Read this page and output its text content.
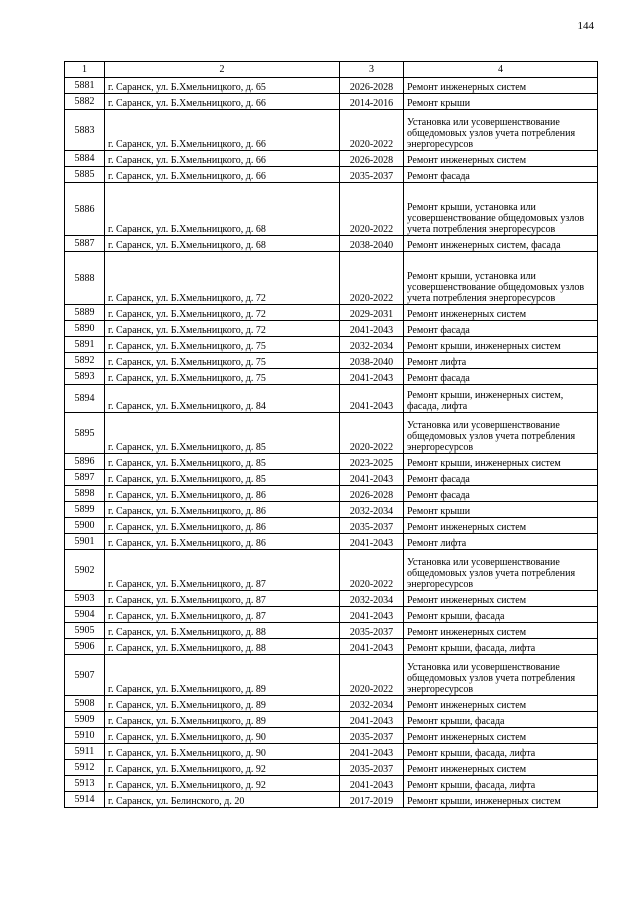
144
1	2	3	4
5881	г. Саранск, ул. Б.Хмельницкого, д. 65	2026-2028	Ремонт инженерных систем
5882	г. Саранск, ул. Б.Хмельницкого, д. 66	2014-2016	Ремонт крыши
5883	г. Саранск, ул. Б.Хмельницкого, д. 66	2020-2022	Установка или усовершенствование общедомовых узлов учета потребления энергоресурсов
5884	г. Саранск, ул. Б.Хмельницкого, д. 66	2026-2028	Ремонт инженерных систем
5885	г. Саранск, ул. Б.Хмельницкого, д. 66	2035-2037	Ремонт фасада
5886	г. Саранск, ул. Б.Хмельницкого, д. 68	2020-2022	Ремонт крыши, установка или усовершенствование общедомовых узлов учета потребления энергоресурсов
5887	г. Саранск, ул. Б.Хмельницкого, д. 68	2038-2040	Ремонт инженерных систем, фасада
5888	г. Саранск, ул. Б.Хмельницкого, д. 72	2020-2022	Ремонт крыши, установка или усовершенствование общедомовых узлов учета потребления энергоресурсов
5889	г. Саранск, ул. Б.Хмельницкого, д. 72	2029-2031	Ремонт инженерных систем
5890	г. Саранск, ул. Б.Хмельницкого, д. 72	2041-2043	Ремонт фасада
5891	г. Саранск, ул. Б.Хмельницкого, д. 75	2032-2034	Ремонт крыши, инженерных систем
5892	г. Саранск, ул. Б.Хмельницкого, д. 75	2038-2040	Ремонт лифта
5893	г. Саранск, ул. Б.Хмельницкого, д. 75	2041-2043	Ремонт фасада
5894	г. Саранск, ул. Б.Хмельницкого, д. 84	2041-2043	Ремонт крыши, инженерных систем, фасада, лифта
5895	г. Саранск, ул. Б.Хмельницкого, д. 85	2020-2022	Установка или усовершенствование общедомовых узлов учета потребления энергоресурсов
5896	г. Саранск, ул. Б.Хмельницкого, д. 85	2023-2025	Ремонт крыши, инженерных систем
5897	г. Саранск, ул. Б.Хмельницкого, д. 85	2041-2043	Ремонт фасада
5898	г. Саранск, ул. Б.Хмельницкого, д. 86	2026-2028	Ремонт фасада
5899	г. Саранск, ул. Б.Хмельницкого, д. 86	2032-2034	Ремонт крыши
5900	г. Саранск, ул. Б.Хмельницкого, д. 86	2035-2037	Ремонт инженерных систем
5901	г. Саранск, ул. Б.Хмельницкого, д. 86	2041-2043	Ремонт лифта
5902	г. Саранск, ул. Б.Хмельницкого, д. 87	2020-2022	Установка или усовершенствование общедомовых узлов учета потребления энергоресурсов
5903	г. Саранск, ул. Б.Хмельницкого, д. 87	2032-2034	Ремонт инженерных систем
5904	г. Саранск, ул. Б.Хмельницкого, д. 87	2041-2043	Ремонт крыши, фасада
5905	г. Саранск, ул. Б.Хмельницкого, д. 88	2035-2037	Ремонт инженерных систем
5906	г. Саранск, ул. Б.Хмельницкого, д. 88	2041-2043	Ремонт крыши, фасада, лифта
5907	г. Саранск, ул. Б.Хмельницкого, д. 89	2020-2022	Установка или усовершенствование общедомовых узлов учета потребления энергоресурсов
5908	г. Саранск, ул. Б.Хмельницкого, д. 89	2032-2034	Ремонт инженерных систем
5909	г. Саранск, ул. Б.Хмельницкого, д. 89	2041-2043	Ремонт крыши, фасада
5910	г. Саранск, ул. Б.Хмельницкого, д. 90	2035-2037	Ремонт инженерных систем
5911	г. Саранск, ул. Б.Хмельницкого, д. 90	2041-2043	Ремонт крыши, фасада, лифта
5912	г. Саранск, ул. Б.Хмельницкого, д. 92	2035-2037	Ремонт инженерных систем
5913	г. Саранск, ул. Б.Хмельницкого, д. 92	2041-2043	Ремонт крыши, фасада, лифта
5914	г. Саранск, ул. Белинского, д. 20	2017-2019	Ремонт крыши, инженерных систем
